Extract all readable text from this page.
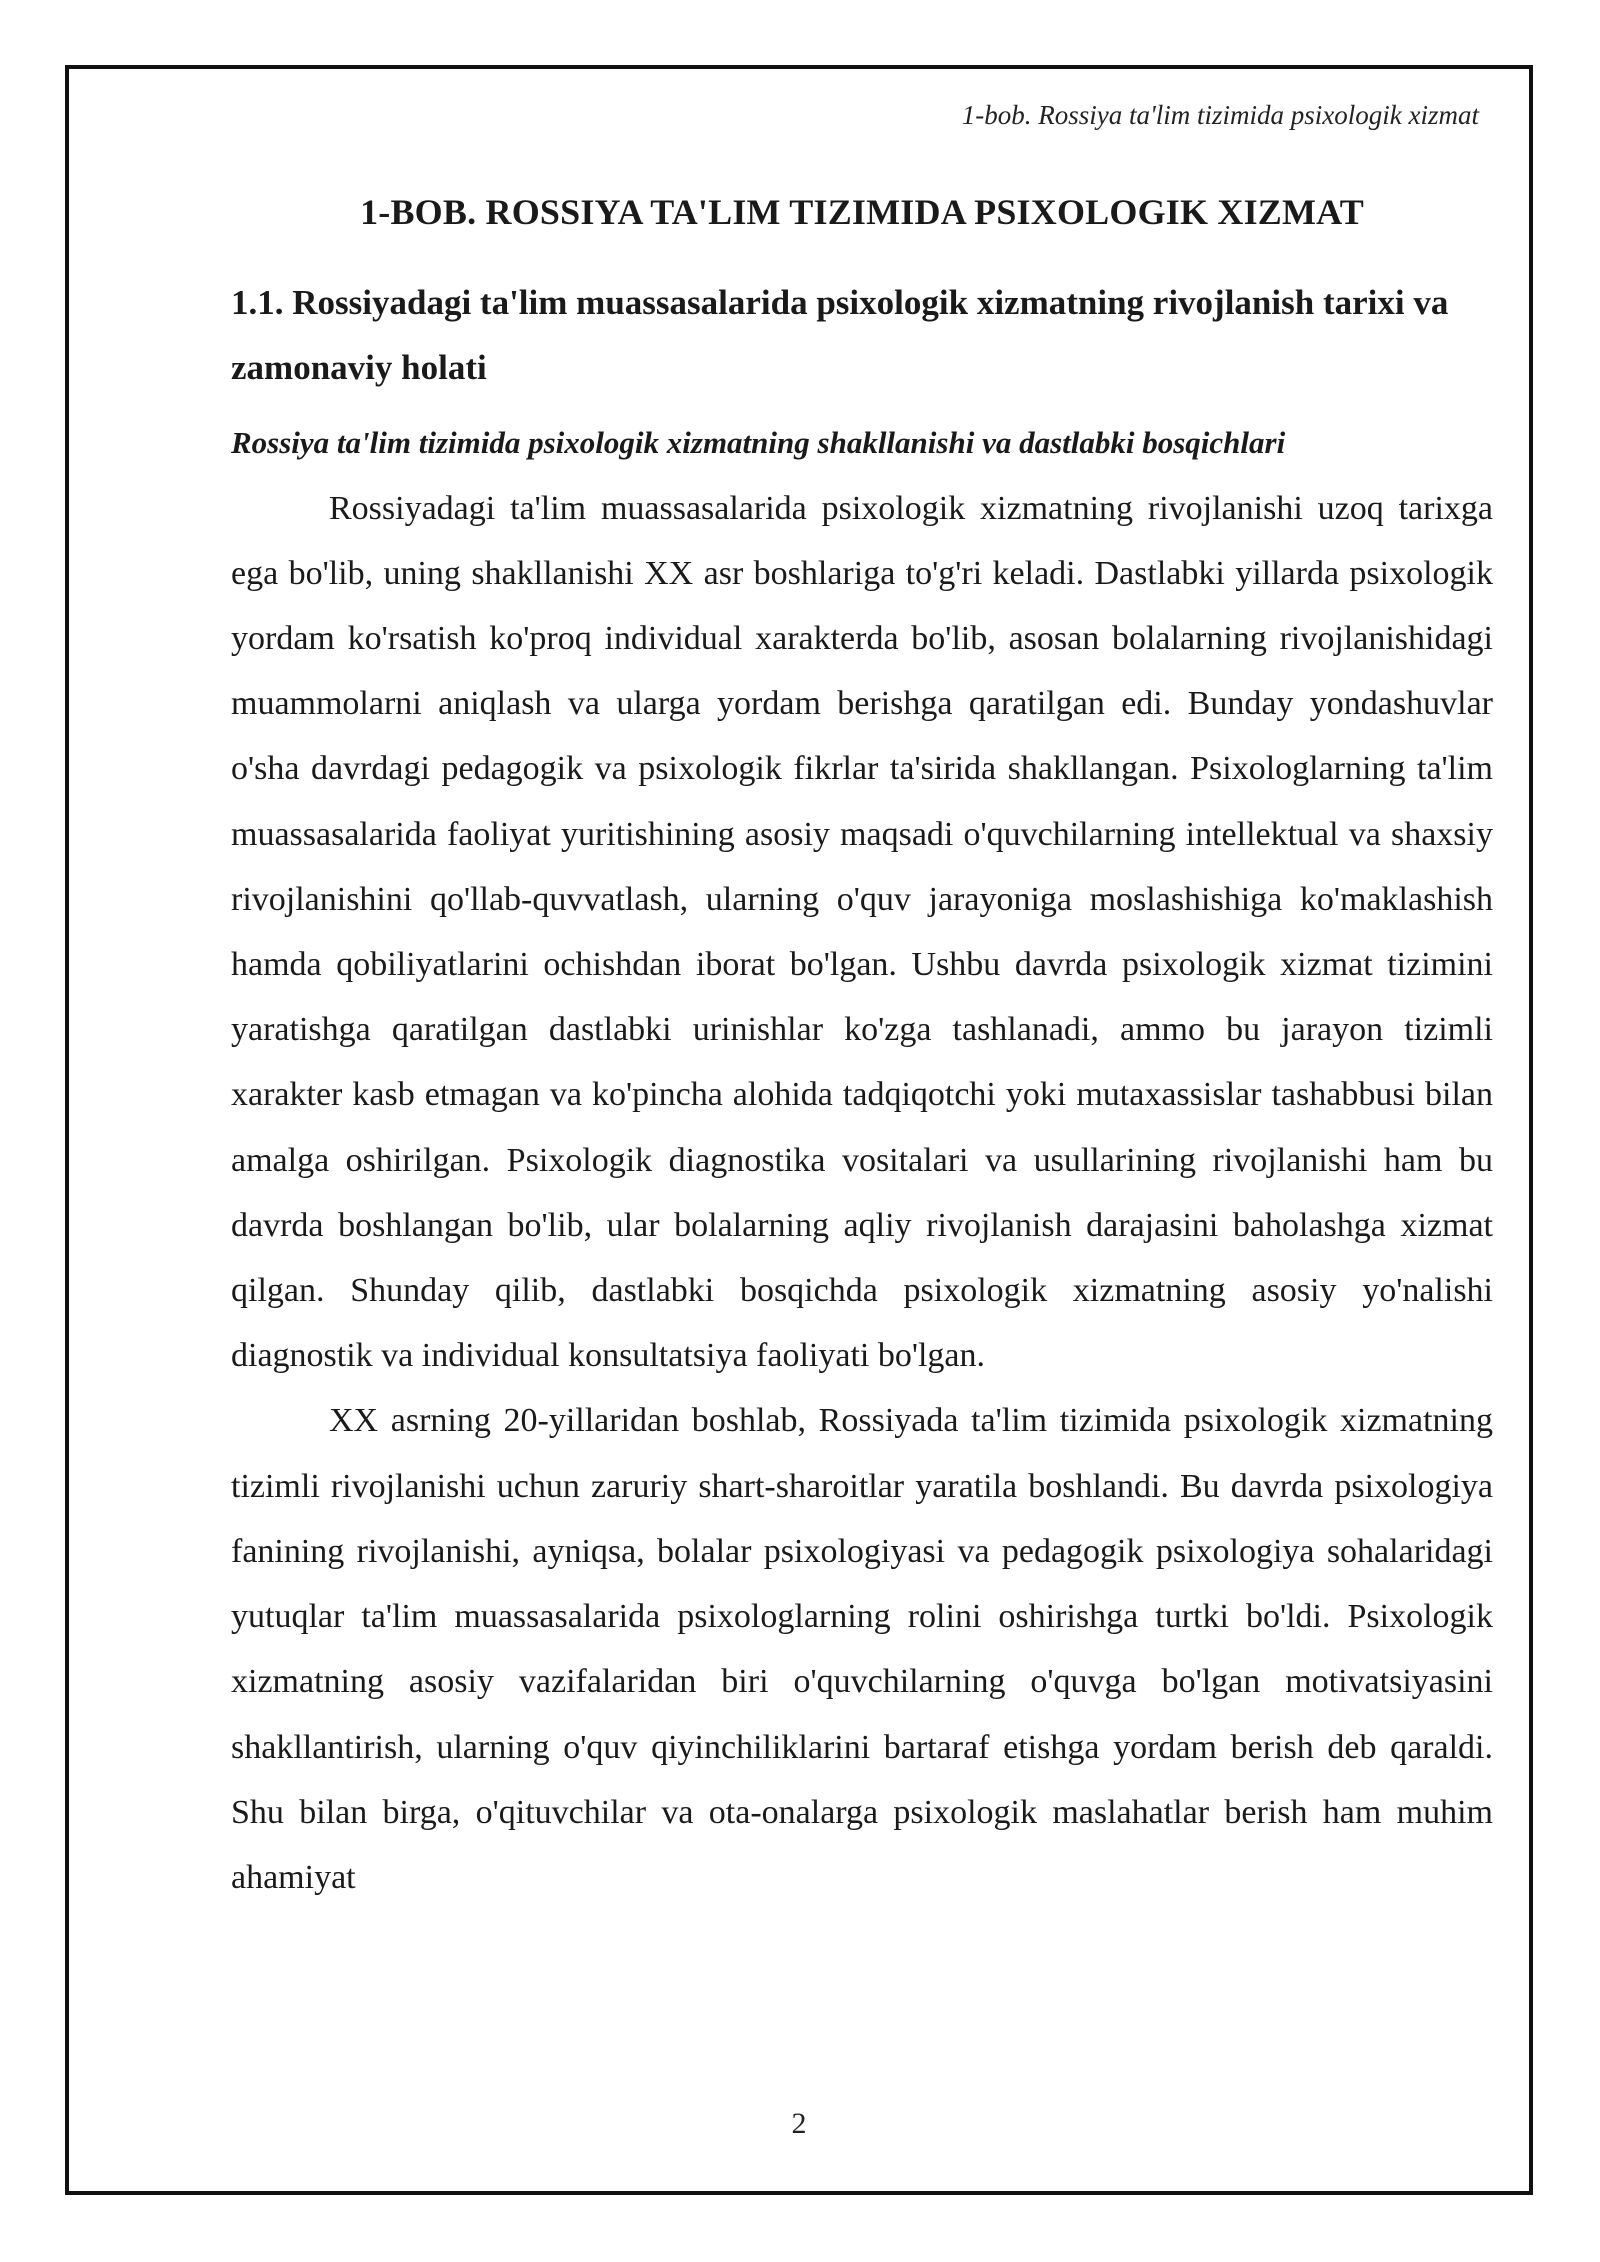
1-bob. Rossiya ta'lim tizimida psixologik xizmat
1-BOB. ROSSIYA TA'LIM TIZIMIDA PSIXOLOGIK XIZMAT
1.1. Rossiyadagi ta'lim muassasalarida psixologik xizmatning rivojlanish tarixi va zamonaviy holati
Rossiya ta'lim tizimida psixologik xizmatning shakllanishi va dastlabki bosqichlari

Rossiyadagi ta'lim muassasalarida psixologik xizmatning rivojlanishi uzoq tarixga ega bo'lib, uning shakllanishi XX asr boshlariga to'g'ri keladi. Dastlabki yillarda psixologik yordam ko'rsatish ko'proq individual xarakterda bo'lib, asosan bolalarning rivojlanishidagi muammolarni aniqlash va ularga yordam berishga qaratilgan edi. Bunday yondashuvlar o'sha davrdagi pedagogik va psixologik fikrlar ta'sirida shakllangan. Psixologlarning ta'lim muassasalarida faoliyat yuritishining asosiy maqsadi o'quvchilarning intellektual va shaxsiy rivojlanishini qo'llab-quvvatlash, ularning o'quv jarayoniga moslashishiga ko'maklashish hamda qobiliyatlarini ochishdan iborat bo'lgan. Ushbu davrda psixologik xizmat tizimini yaratishga qaratilgan dastlabki urinishlar ko'zga tashlanadi, ammo bu jarayon tizimli xarakter kasb etmagan va ko'pincha alohida tadqiqotchi yoki mutaxassislar tashabbusi bilan amalga oshirilgan. Psixologik diagnostika vositalari va usullarining rivojlanishi ham bu davrda boshlangan bo'lib, ular bolalarning aqliy rivojlanish darajasini baholashga xizmat qilgan. Shunday qilib, dastlabki bosqichda psixologik xizmatning asosiy yo'nalishi diagnostik va individual konsultatsiya faoliyati bo'lgan.

XX asrning 20-yillaridan boshlab, Rossiyada ta'lim tizimida psixologik xizmatning tizimli rivojlanishi uchun zaruriy shart-sharoitlar yaratila boshlandi. Bu davrda psixologiya fanining rivojlanishi, ayniqsa, bolalar psixologiyasi va pedagogik psixologiya sohalaridagi yutuqlar ta'lim muassasalarida psixologlarning rolini oshirishga turtki bo'ldi. Psixologik xizmatning asosiy vazifalaridan biri o'quvchilarning o'quvga bo'lgan motivatsiyasini shakllantirish, ularning o'quv qiyinchiliklarini bartaraf etishga yordam berish deb qaraldi. Shu bilan birga, o'qituvchilar va ota-onalarga psixologik maslahatlar berish ham muhim ahamiyat

2
